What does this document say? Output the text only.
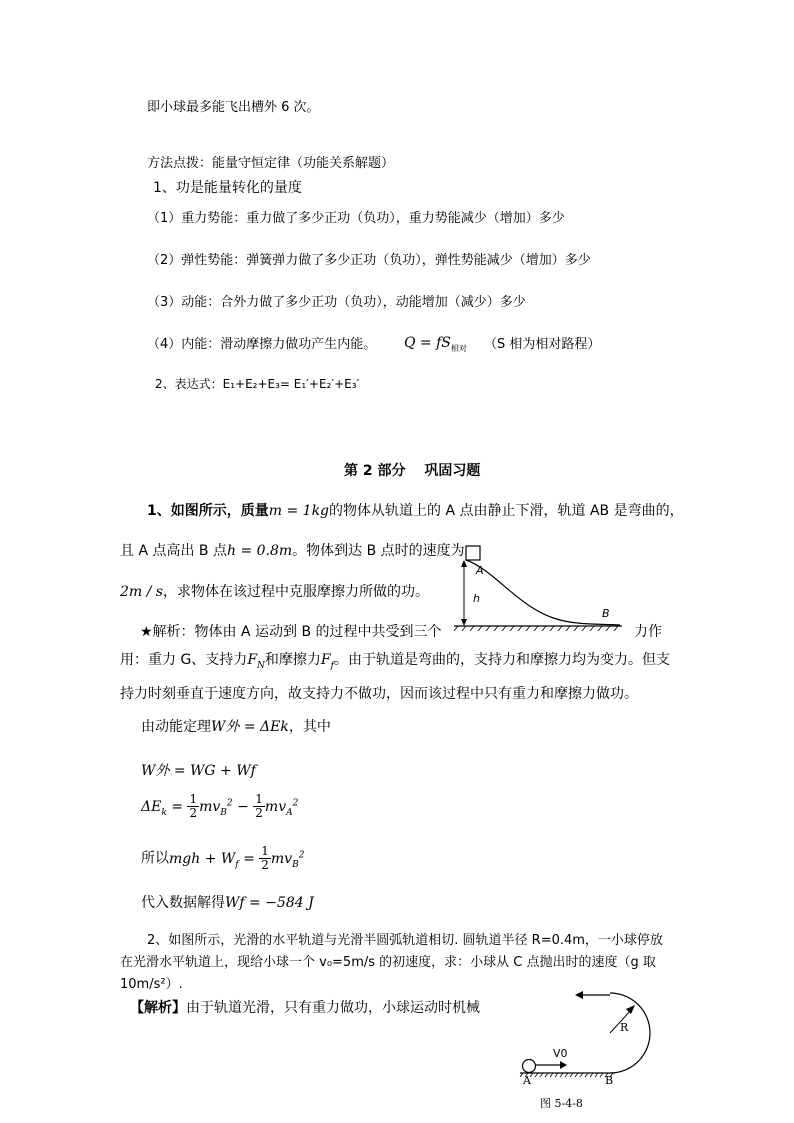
即小球最多能飞出槽外 6 次。
方法点拨：能量守恒定律（功能关系解题）
1、功是能量转化的量度
（1）重力势能：重力做了多少正功（负功），重力势能减少（增加）多少
（2）弹性势能：弹簧弹力做了多少正功（负功），弹性势能减少（增加）多少
（3）动能：合外力做了多少正功（负功），动能增加（减少）多少
（4）内能：滑动摩擦力做功产生内能。 $Q = fS_{相对}$ （S 相为相对路程）
2、表达式：E₁+E₂+E₃= E₁′+E₂′+E₃′
第 2 部分　 巩固习题
1、如图所示，质量m = 1kg的物体从轨道上的 A 点由静止下滑，轨道 AB 是弯曲的，
且 A 点高出 B 点h = 0.8m。物体到达 B 点时的速度为
2m / s，求物体在该过程中克服摩擦力所做的功。
A
h
B
★解析：物体由 A 运动到 B 的过程中共受到三个	力作
用：重力 G、支持力$F_N$和摩擦力$F_f$。由于轨道是弯曲的，支持力和摩擦力均为变力。但支
持力时刻垂直于速度方向，故支持力不做功，因而该过程中只有重力和摩擦力做功。
由动能定理W外 = ΔEk，其中
W外 = WG + Wf
$\Delta E_k = \frac{1}{2} mv_B^2 - \frac{1}{2} mv_A^2$
所以mgh + $W_f = \frac{1}{2} mv_B^2$
代入数据解得Wf = −584 J
2、如图所示，光滑的水平轨道与光滑半圆弧轨道相切. 圆轨道半径 R=0.4m，一小球停放
在光滑水平轨道上，现给小球一个 v₀=5m/s 的初速度，求：小球从 C 点抛出时的速度（g 取
10m/s²）.
【解析】由于轨道光滑，只有重力做功，小球运动时机械
R
V0
A	B
图 5-4-8
